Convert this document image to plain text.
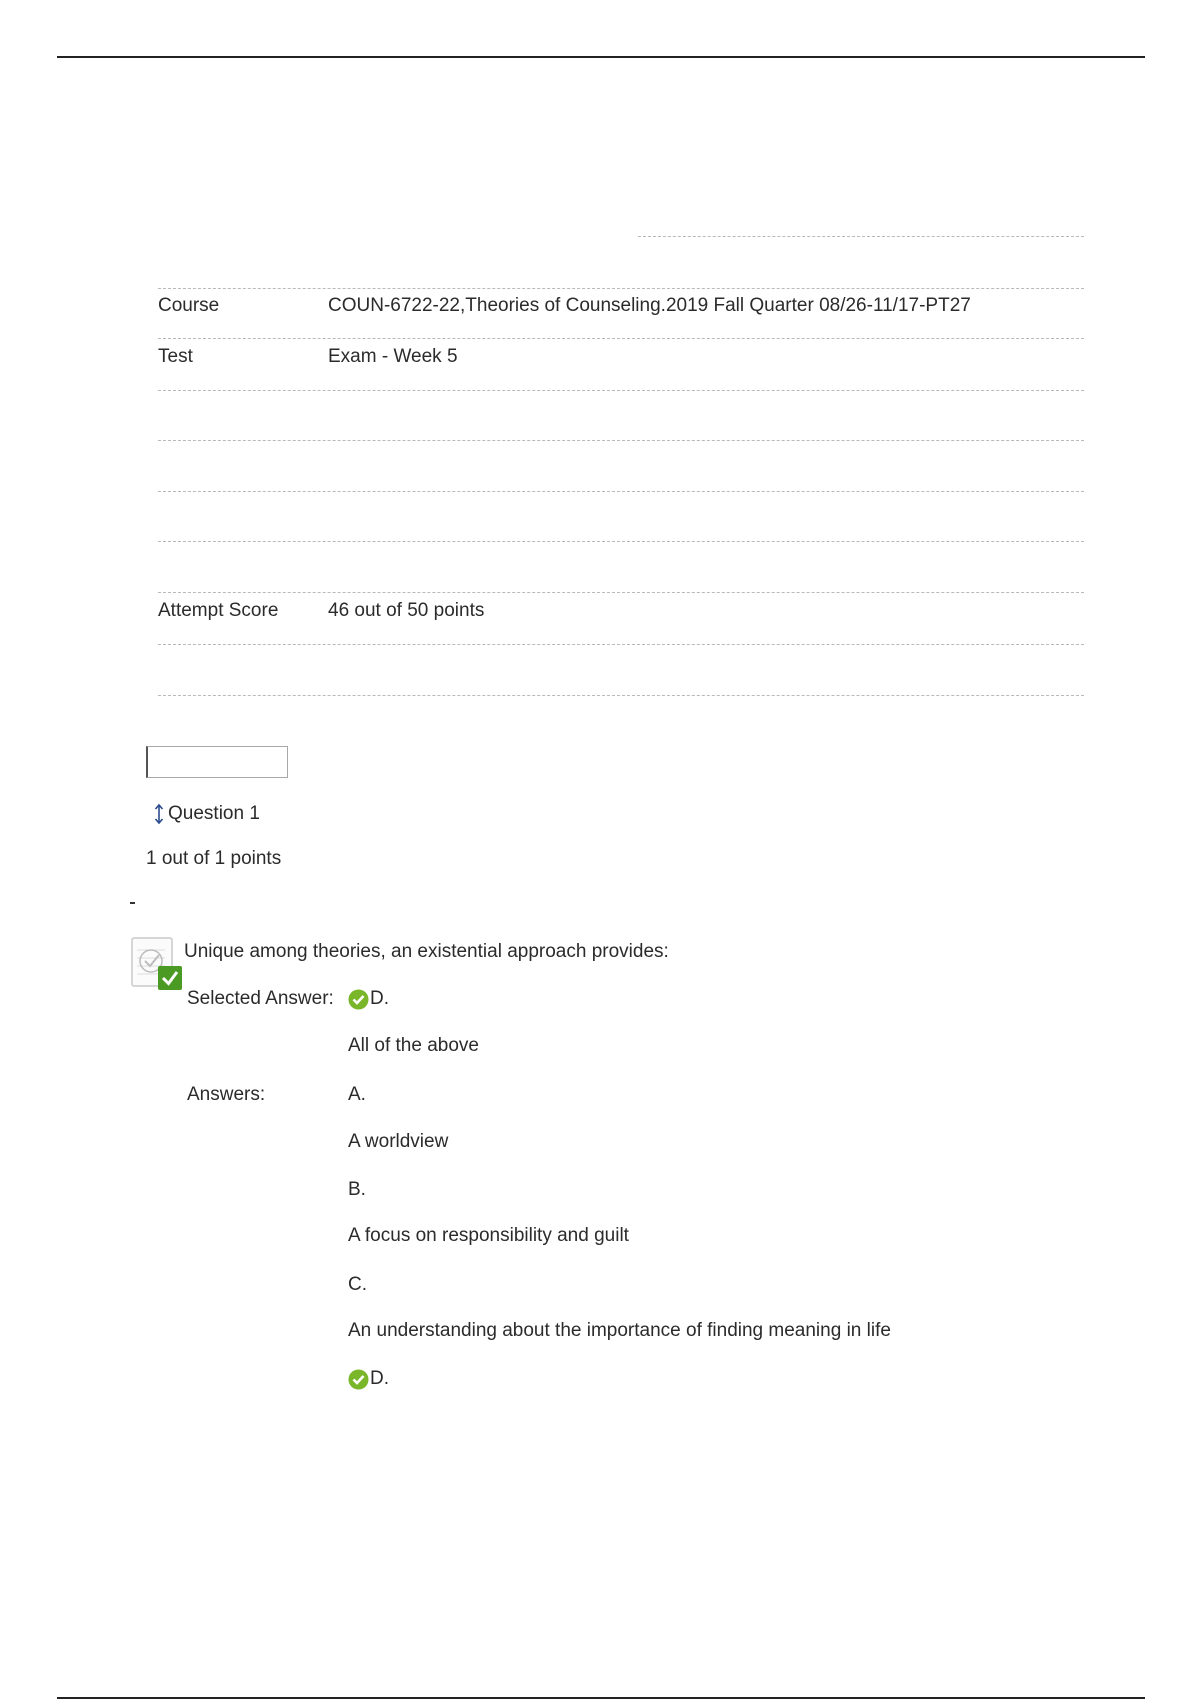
Course	COUN-6722-22,Theories of Counseling.2019 Fall Quarter 08/26-11/17-PT27
Test	Exam - Week 5
Attempt Score	46 out of 50 points
Question 1
1 out of 1 points
Unique among theories, an existential approach provides:
Selected Answer: D.
All of the above
Answers:	A.
A worldview
B.
A focus on responsibility and guilt
C.
An understanding about the importance of finding meaning in life
D.
